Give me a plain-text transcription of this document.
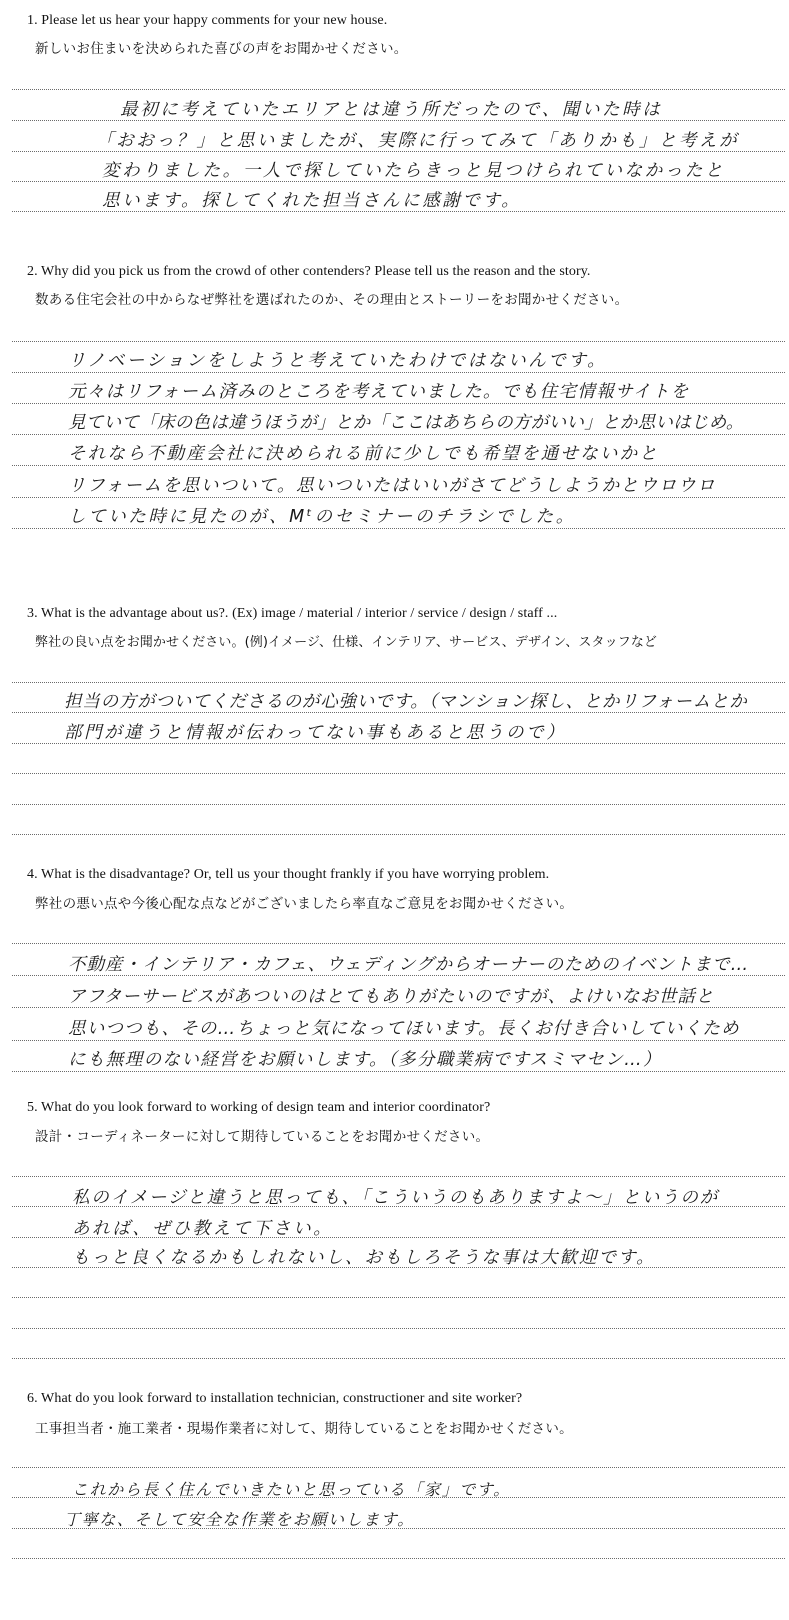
1. Please let us hear your happy comments for your new house.
新しいお住まいを決められた喜びの声をお聞かせください。
最初に考えていたエリアとは違う所だったので、聞いた時は
「おおっ？」と思いましたが、実際に行ってみて「ありかも」と考えが
変わりました。一人で探していたらきっと見つけられていなかったと
思います。探してくれた担当さんに感謝です。
2. Why did you pick us from the crowd of other contenders? Please tell us the reason and the story.
数ある住宅会社の中からなぜ弊社を選ばれたのか、その理由とストーリーをお聞かせください。
リノベーションをしようと考えていたわけではないんです。
元々はリフォーム済みのところを考えていました。でも住宅情報サイトを
見ていて「床の色は違うほうが」とか「ここはあちらの方がいい」とか思いはじめ。
それなら不動産会社に決められる前に少しでも希望を通せないかと
リフォームを思いついて。思いついたはいいがさてどうしようかとウロウロ
していた時に見たのが、Mᵗのセミナーのチラシでした。
3. What is the advantage about us?. (Ex) image / material / interior / service / design / staff ...
弊社の良い点をお聞かせください。(例)イメージ、仕様、インテリア、サービス、デザイン、スタッフなど
担当の方がついてくださるのが心強いです。（マンション探し、とかリフォームとか
部門が違うと情報が伝わってない事もあると思うので）
4. What is the disadvantage? Or, tell us your thought frankly if you have worrying problem.
弊社の悪い点や今後心配な点などがございましたら率直なご意見をお聞かせください。
不動産・インテリア・カフェ、ウェディングからオーナーのためのイベントまで…
アフターサービスがあついのはとてもありがたいのですが、よけいなお世話と
思いつつも、その…ちょっと気になってほいます。長くお付き合いしていくため
にも無理のない経営をお願いします。（多分職業病ですスミマセン…）
5. What do you look forward to working of design team and interior coordinator?
設計・コーディネーターに対して期待していることをお聞かせください。
私のイメージと違うと思っても、「こういうのもありますよ～」というのが
あれば、ぜひ教えて下さい。
もっと良くなるかもしれないし、おもしろそうな事は大歓迎です。
6. What do you look forward to installation technician, constructioner and site worker?
工事担当者・施工業者・現場作業者に対して、期待していることをお聞かせください。
これから長く住んでいきたいと思っている「家」です。
丁寧な、そして安全な作業をお願いします。
